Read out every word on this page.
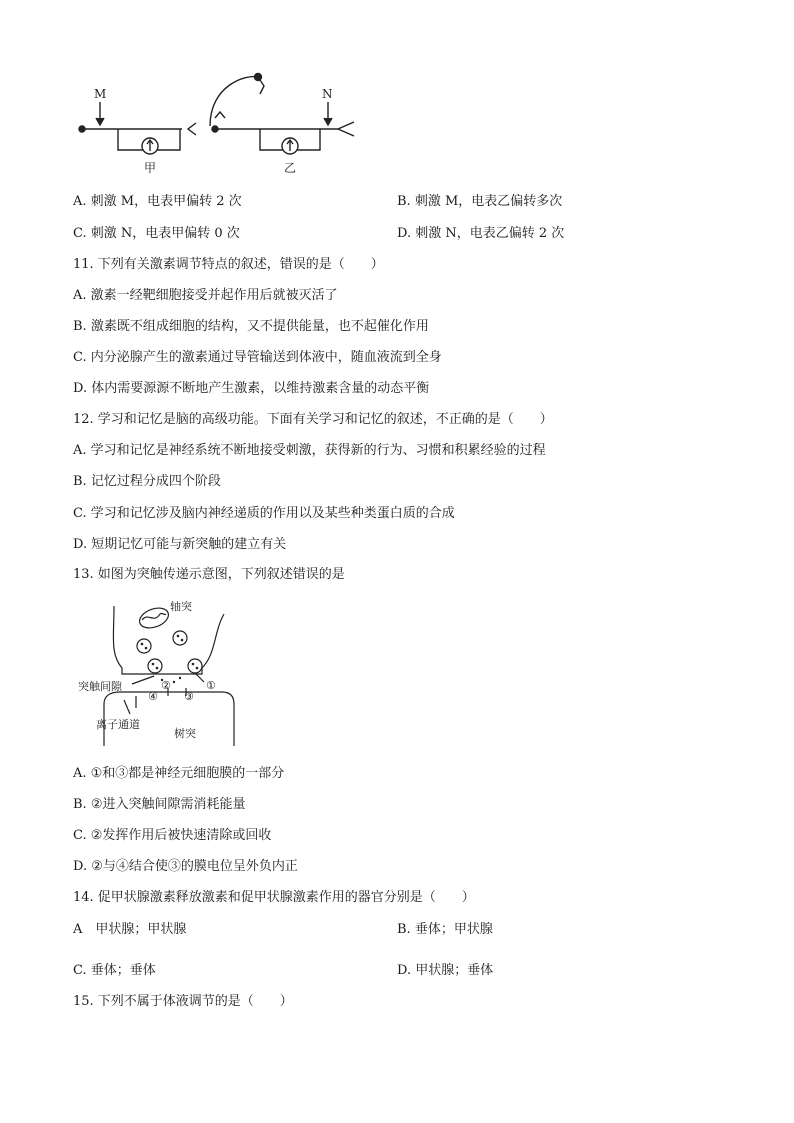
M	N
甲	乙
A. 刺激 M，电表甲偏转 2 次	B. 刺激 M，电表乙偏转多次
C. 刺激 N，电表甲偏转 0 次	D. 刺激 N，电表乙偏转 2 次
11. 下列有关激素调节特点的叙述，错误的是（　　）
A. 激素一经靶细胞接受并起作用后就被灭活了
B. 激素既不组成细胞的结构，又不提供能量，也不起催化作用
C. 内分泌腺产生的激素通过导管输送到体液中，随血液流到全身
D. 体内需要源源不断地产生激素，以维持激素含量的动态平衡
12. 学习和记忆是脑的高级功能。下面有关学习和记忆的叙述，不正确的是（　　）
A. 学习和记忆是神经系统不断地接受刺激，获得新的行为、习惯和积累经验的过程
B. 记忆过程分成四个阶段
C. 学习和记忆涉及脑内神经递质的作用以及某些种类蛋白质的合成
D. 短期记忆可能与新突触的建立有关
13. 如图为突触传递示意图，下列叙述错误的是
轴突
突触间隙
离子通道
树突
①
②
③
④
A. ①和③都是神经元细胞膜的一部分
B. ②进入突触间隙需消耗能量
C. ②发挥作用后被快速清除或回收
D. ②与④结合使③的膜电位呈外负内正
14. 促甲状腺激素释放激素和促甲状腺激素作用的器官分别是（　　）
A　甲状腺；甲状腺	B. 垂体；甲状腺
C. 垂体；垂体	D. 甲状腺；垂体
15. 下列不属于体液调节的是（　　）
